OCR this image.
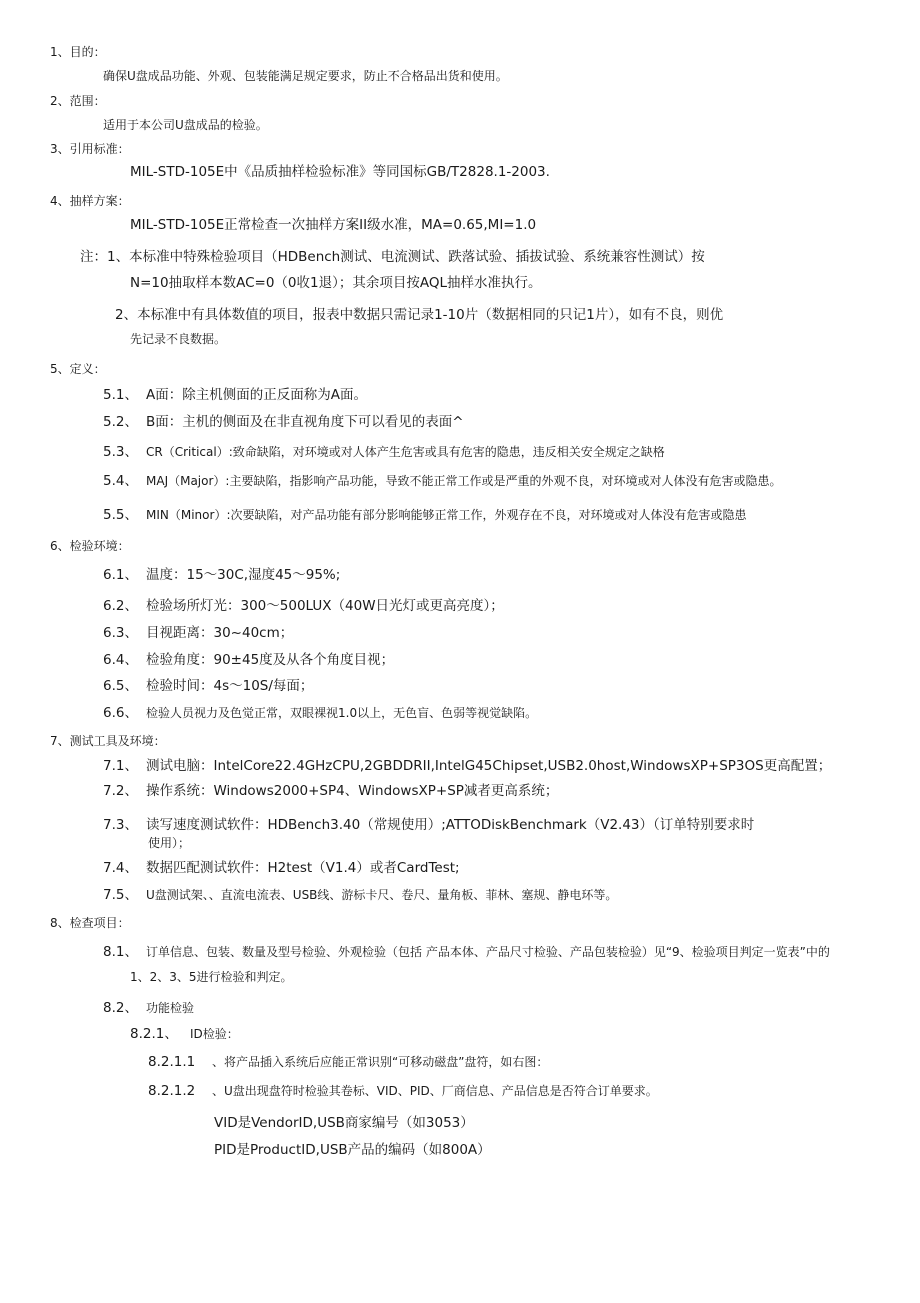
1、目的：
确保U盘成品功能、外观、包装能满足规定要求，防止不合格品出货和使用。
2、范围：
适用于本公司U盘成品的检验。
3、引用标准：
MIL-STD-105E中《品质抽样检验标准》等同国标GB/T2828.1-2003.
4、抽样方案：
MIL-STD-105E正常检查一次抽样方案II级水准，MA=0.65,MI=1.0
注：1、本标准中特殊检验项目（HDBench测试、电流测试、跌落试验、插拔试验、系统兼容性测试）按
N=10抽取样本数AC=0（0收1退）；其余项目按AQL抽样水准执行。
2、本标准中有具体数值的项目，报表中数据只需记录1-10片（数据相同的只记1片），如有不良，则优
先记录不良数据。
5、定义：
5.1、 A面：除主机侧面的正反面称为A面。
5.2、 B面：主机的侧面及在非直视角度下可以看见的表面^
5.3、 CR（Critical）:致命缺陷，对环境或对人体产生危害或具有危害的隐患，违反相关安全规定之缺格
5.4、 MAJ（Major）:主要缺陷，指影响产品功能，导致不能正常工作或是严重的外观不良，对环境或对人体没有危害或隐患。
5.5、 MIN（Minor）:次要缺陷，对产品功能有部分影响能够正常工作，外观存在不良，对环境或对人体没有危害或隐患
6、检验环境：
6.1、 温度：15〜30C,湿度45〜95%;
6.2、 检验场所灯光：300〜500LUX（40W日光灯或更高亮度）；
6.3、 目视距离：30~40cm；
6.4、 检验角度：90±45度及从各个角度目视；
6.5、 检验时间：4s〜10S/每面；
6.6、 检验人员视力及色觉正常，双眼裸视1.0以上，无色盲、色弱等视觉缺陷。
7、测试工具及环境：
7.1、 测试电脑：IntelCore22.4GHzCPU,2GBDDRII,IntelG45Chipset,USB2.0host,WindowsXP+SP3OS更高配置；
7.2、 操作系统：Windows2000+SP4、WindowsXP+SP减者更高系统；
7.3、 读写速度测试软件：HDBench3.40（常规使用）;ATTODiskBenchmark（V2.43）（订单特别要求时
使用）；
7.4、 数据匹配测试软件：H2test（V1.4）或者CardTest;
7.5、 U盘测试架、、直流电流表、USB线、游标卡尺、卷尺、量角板、菲林、塞规、静电环等。
8、检查项目：
8.1、 订单信息、包装、数量及型号检验、外观检验（包括 产品本体、产品尺寸检验、产品包装检验）见“9、检验项目判定一览表”中的
1、2、3、5进行检验和判定。
8.2、 功能检验
8.2.1、 ID检验：
8.2.1.1 、将产品插入系统后应能正常识别“可移动磁盘”盘符，如右图：
8.2.1.2 、U盘出现盘符时检验其卷标、VID、PID、厂商信息、产品信息是否符合订单要求。
VID是VendorID,USB商家编号（如3053）
PID是ProductID,USB产品的编码（如800A）
